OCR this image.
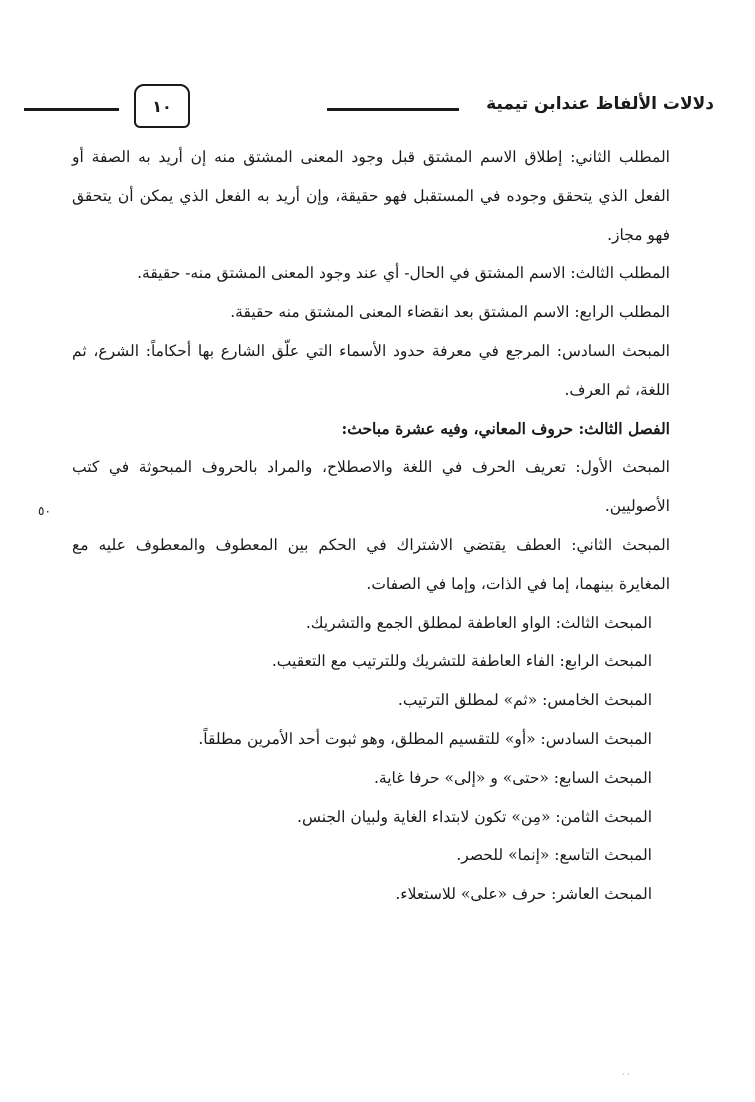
دلالات الألفاظ عندابن تيمية
١٠

المطلب الثاني: إطلاق الاسم المشتق قبل وجود المعنى المشتق منه إن أريد به الصفة أو الفعل الذي يتحقق وجوده في المستقبل فهو حقيقة، وإن أريد به الفعل الذي يمكن أن يتحقق فهو مجاز.

المطلب الثالث: الاسم المشتق في الحال- أي عند وجود المعنى المشتق منه- حقيقة.

المطلب الرابع: الاسم المشتق بعد انقضاء المعنى المشتق منه حقيقة.

المبحث السادس: المرجع في معرفة حدود الأسماء التي علّق الشارع بها أحكاماً: الشرع، ثم اللغة، ثم العرف.

الفصل الثالث: حروف المعاني، وفيه عشرة مباحث:

المبحث الأول: تعريف الحرف في اللغة والاصطلاح، والمراد بالحروف المبحوثة في كتب الأصوليين.

المبحث الثاني: العطف يقتضي الاشتراك في الحكم بين المعطوف والمعطوف عليه مع المغايرة بينهما، إما في الذات، وإما في الصفات.

المبحث الثالث: الواو العاطفة لمطلق الجمع والتشريك.

المبحث الرابع: الفاء العاطفة للتشريك وللترتيب مع التعقيب.

المبحث الخامس: «ثم» لمطلق الترتيب.

المبحث السادس: «أو» للتقسيم المطلق، وهو ثبوت أحد الأمرين مطلقاً.

المبحث السابع: «حتى» و «إلى» حرفا غاية.

المبحث الثامن: «مِن» تكون لابتداء الغاية ولبيان الجنس.

المبحث التاسع: «إنما» للحصر.

المبحث العاشر: حرف «على» للاستعلاء.

٥٠
· ·
